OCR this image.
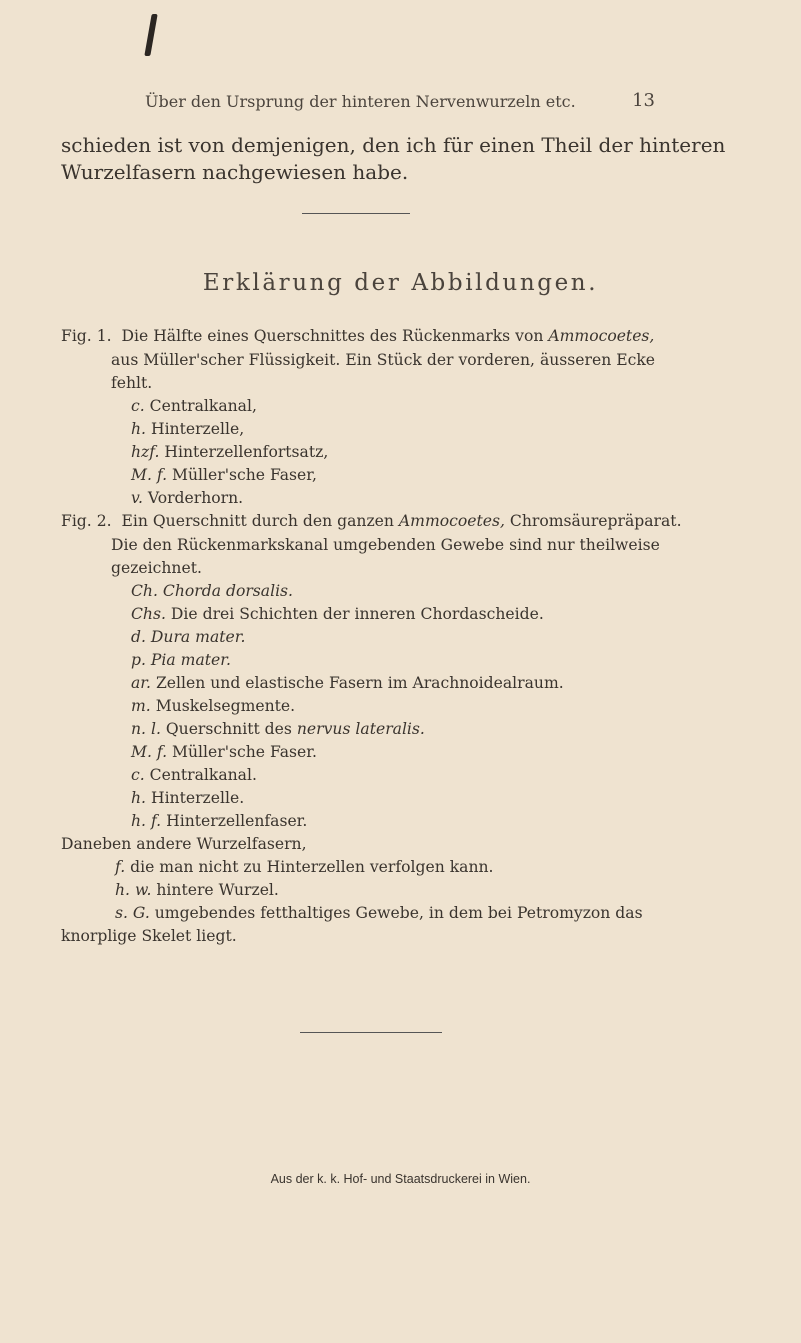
Über den Ursprung der hinteren Nervenwurzeln etc.	13
schieden ist von demjenigen, den ich für einen Theil der hinteren
Wurzelfasern nachgewiesen habe.
Erklärung der Abbildungen.
Fig. 1. Die Hälfte eines Querschnittes des Rückenmarks von Ammocoetes,
aus Müller'scher Flüssigkeit. Ein Stück der vorderen, äusseren Ecke
fehlt.
c. Centralkanal,
h. Hinterzelle,
hzf. Hinterzellenfortsatz,
M. f. Müller'sche Faser,
v. Vorderhorn.
Fig. 2. Ein Querschnitt durch den ganzen Ammocoetes, Chromsäurepräparat.
Die den Rückenmarkskanal umgebenden Gewebe sind nur theilweise
gezeichnet.
Ch. Chorda dorsalis.
Chs. Die drei Schichten der inneren Chordascheide.
d. Dura mater.
p. Pia mater.
ar. Zellen und elastische Fasern im Arachnoidealraum.
m. Muskelsegmente.
n. l. Querschnitt des nervus lateralis.
M. f. Müller'sche Faser.
c. Centralkanal.
h. Hinterzelle.
h. f. Hinterzellenfaser.
Daneben andere Wurzelfasern,
f. die man nicht zu Hinterzellen verfolgen kann.
h. w. hintere Wurzel.
s. G. umgebendes fetthaltiges Gewebe, in dem bei Petromyzon das
knorplige Skelet liegt.
Aus der k. k. Hof- und Staatsdruckerei in Wien.
